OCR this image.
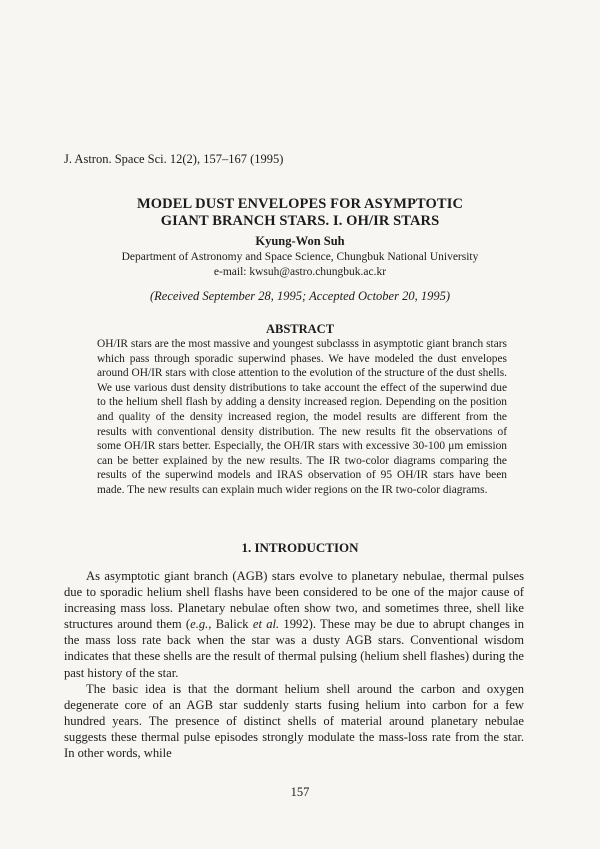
J. Astron. Space Sci. 12(2), 157–167 (1995)
MODEL DUST ENVELOPES FOR ASYMPTOTIC
GIANT BRANCH STARS. I. OH/IR STARS
Kyung-Won Suh
Department of Astronomy and Space Science, Chungbuk National University
e-mail: kwsuh@astro.chungbuk.ac.kr
(Received September 28, 1995; Accepted October 20, 1995)
ABSTRACT

OH/IR stars are the most massive and youngest subclasss in asymptotic giant branch stars which pass through sporadic superwind phases. We have modeled the dust envelopes around OH/IR stars with close attention to the evolution of the structure of the dust shells. We use various dust density distributions to take account the effect of the superwind due to the helium shell flash by adding a density increased region. Depending on the position and quality of the density increased region, the model results are different from the results with conventional density distribution. The new results fit the observations of some OH/IR stars better. Especially, the OH/IR stars with excessive 30-100 μm emission can be better explained by the new results. The IR two-color diagrams comparing the results of the superwind models and IRAS observation of 95 OH/IR stars have been made. The new results can explain much wider regions on the IR two-color diagrams.

1. INTRODUCTION

As asymptotic giant branch (AGB) stars evolve to planetary nebulae, thermal pulses due to sporadic helium shell flashs have been considered to be one of the major cause of increasing mass loss. Planetary nebulae often show two, and sometimes three, shell like structures around them (e.g., Balick et al. 1992). These may be due to abrupt changes in the mass loss rate back when the star was a dusty AGB stars. Conventional wisdom indicates that these shells are the result of thermal pulsing (helium shell flashes) during the past history of the star.

The basic idea is that the dormant helium shell around the carbon and oxygen degenerate core of an AGB star suddenly starts fusing helium into carbon for a few hundred years. The presence of distinct shells of material around planetary nebulae suggests these thermal pulse episodes strongly modulate the mass-loss rate from the star. In other words, while

157
